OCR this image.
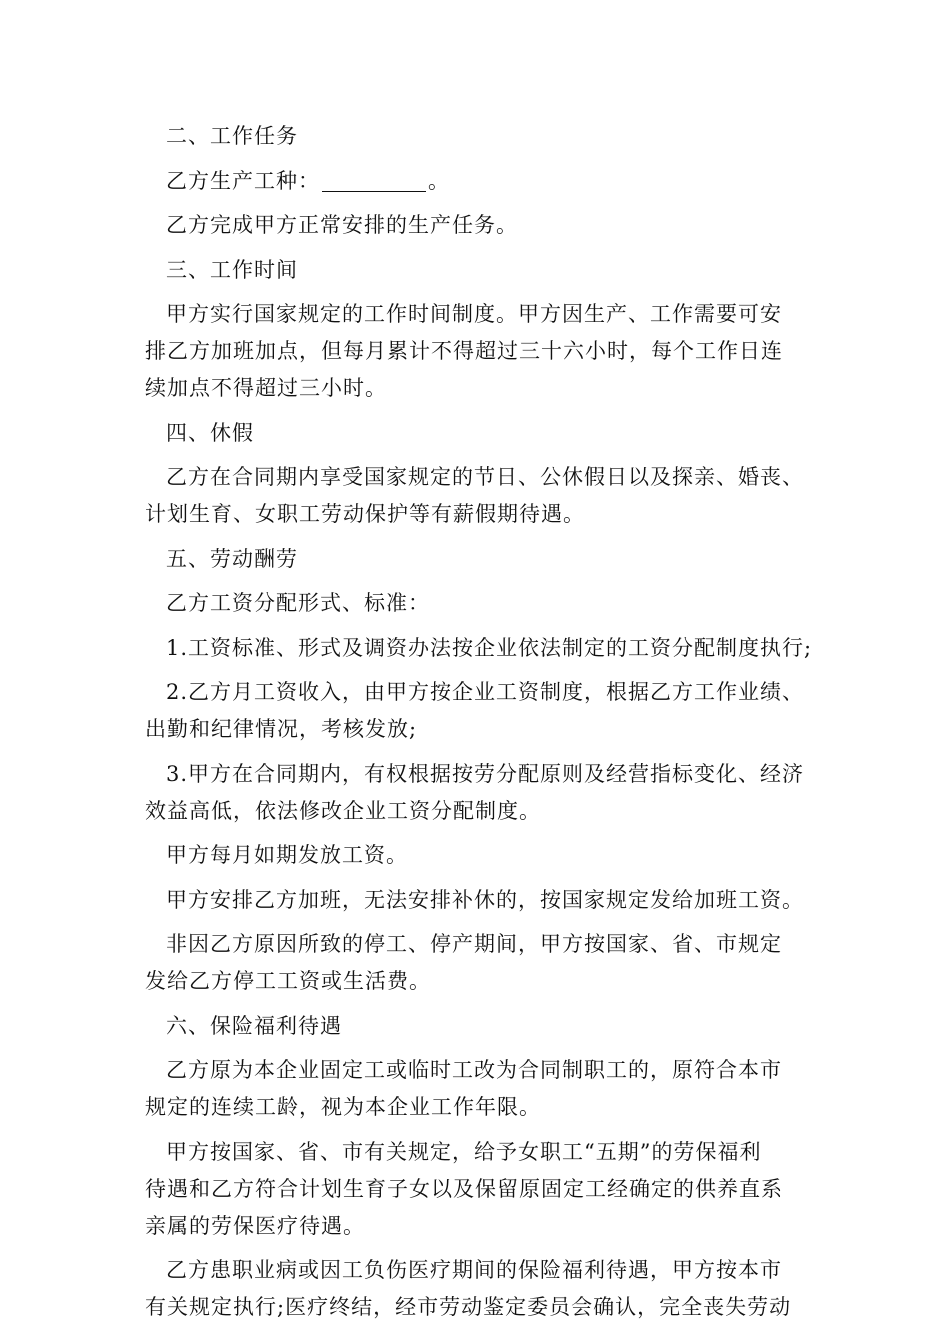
二、工作任务
乙方生产工种：	。
乙方完成甲方正常安排的生产任务。
三、工作时间
甲方实行国家规定的工作时间制度。甲方因生产、工作需要可安
排乙方加班加点，但每月累计不得超过三十六小时，每个工作日连
续加点不得超过三小时。
四、休假
乙方在合同期内享受国家规定的节日、公休假日以及探亲、婚丧、
计划生育、女职工劳动保护等有薪假期待遇。
五、劳动酬劳
乙方工资分配形式、标准：
1.工资标准、形式及调资办法按企业依法制定的工资分配制度执行;
2.乙方月工资收入，由甲方按企业工资制度，根据乙方工作业绩、
出勤和纪律情况，考核发放;
3.甲方在合同期内，有权根据按劳分配原则及经营指标变化、经济
效益高低，依法修改企业工资分配制度。
甲方每月如期发放工资。
甲方安排乙方加班，无法安排补休的，按国家规定发给加班工资。
非因乙方原因所致的停工、停产期间，甲方按国家、省、市规定
发给乙方停工工资或生活费。
六、保险福利待遇
乙方原为本企业固定工或临时工改为合同制职工的，原符合本市
规定的连续工龄，视为本企业工作年限。
甲方按国家、省、市有关规定，给予女职工“五期”的劳保福利
待遇和乙方符合计划生育子女以及保留原固定工经确定的供养直系
亲属的劳保医疗待遇。
乙方患职业病或因工负伤医疗期间的保险福利待遇，甲方按本市
有关规定执行;医疗终结，经市劳动鉴定委员会确认，完全丧失劳动
